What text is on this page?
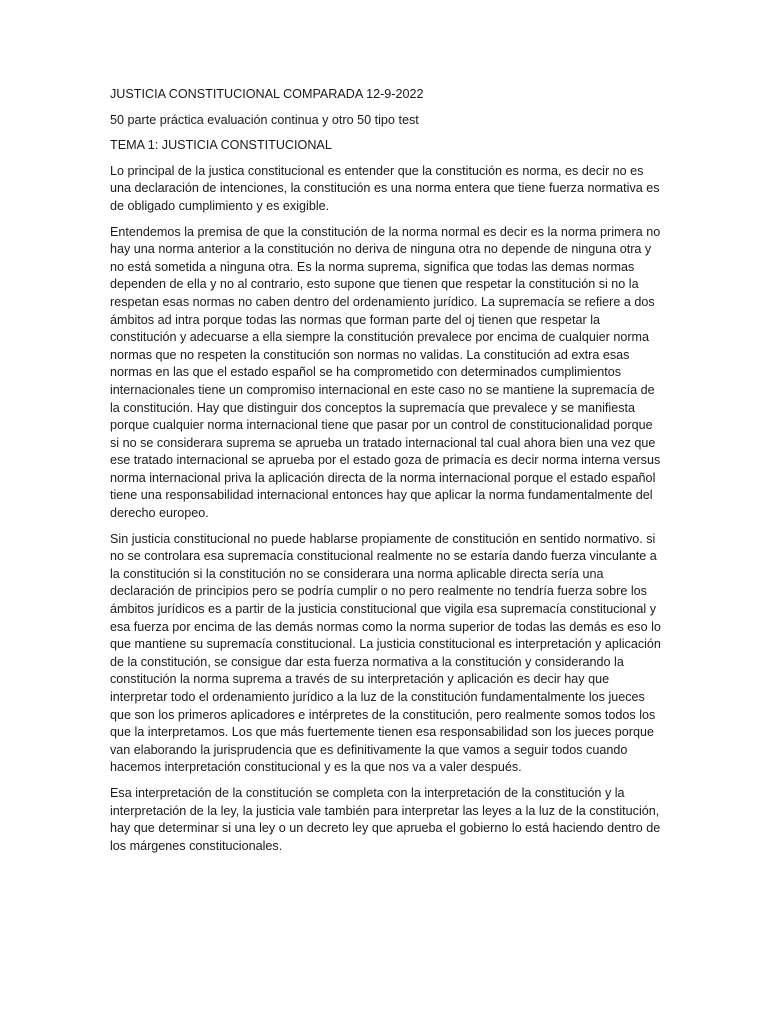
JUSTICIA CONSTITUCIONAL COMPARADA 12-9-2022

50 parte práctica evaluación continua y otro 50 tipo test

TEMA 1: JUSTICIA CONSTITUCIONAL

Lo principal de la justica constitucional es entender que la constitución es norma, es decir no es una declaración de intenciones, la constitución es una norma entera que tiene fuerza normativa es de obligado cumplimiento y es exigible.

Entendemos la premisa de que la constitución de la norma normal es decir es la norma primera no hay una norma anterior a la constitución no deriva de ninguna otra no depende de ninguna otra y no está sometida a ninguna otra. Es la norma suprema, significa que todas las demas normas dependen de ella y no al contrario, esto supone que tienen que respetar la constitución si no la respetan esas normas no caben dentro del ordenamiento jurídico. La supremacía se refiere a dos ámbitos ad intra porque todas las normas que forman parte del oj tienen que respetar la constitución y adecuarse a ella siempre la constitución prevalece por encima de cualquier norma normas que no respeten la constitución son normas no validas. La constitución ad extra esas normas en las que el estado español se ha comprometido con determinados cumplimientos internacionales tiene un compromiso internacional en este caso no se mantiene la supremacía de la constitución. Hay que distinguir dos conceptos la supremacía que prevalece y se manifiesta porque cualquier norma internacional tiene que pasar por un control de constitucionalidad porque si no se considerara suprema se aprueba un tratado internacional tal cual ahora bien una vez que ese tratado internacional se aprueba por el estado goza de primacía es decir norma interna versus norma internacional priva la aplicación directa de la norma internacional porque el estado español tiene una responsabilidad internacional entonces hay que aplicar la norma fundamentalmente del derecho europeo.

Sin justicia constitucional no puede hablarse propiamente de constitución en sentido normativo. si no se controlara esa supremacía constitucional realmente no se estaría dando fuerza vinculante a la constitución si la constitución no se considerara una norma aplicable directa sería una declaración de principios pero se podría cumplir o no pero realmente no tendría fuerza sobre los ámbitos jurídicos es a partir de la justicia constitucional que vigila esa supremacía constitucional y esa fuerza por encima de las demás normas como la norma superior de todas las demás es eso lo que mantiene su supremacía constitucional. La justicia constitucional es interpretación y aplicación de la constitución, se consigue dar esta fuerza normativa a la constitución y considerando la constitución la norma suprema a través de su interpretación y aplicación es decir hay que interpretar todo el ordenamiento jurídico a la luz de la constitución fundamentalmente los jueces que son los primeros aplicadores e intérpretes de la constitución, pero realmente somos todos los que la interpretamos. Los que más fuertemente tienen esa responsabilidad son los jueces porque van elaborando la jurisprudencia que es definitivamente la que vamos a seguir todos cuando hacemos interpretación constitucional y es la que nos va a valer después.

Esa interpretación de la constitución se completa con la interpretación de la constitución y la interpretación de la ley, la justicia vale también para interpretar las leyes a la luz de la constitución, hay que determinar si una ley o un decreto ley que aprueba el gobierno lo está haciendo dentro de los márgenes constitucionales.
